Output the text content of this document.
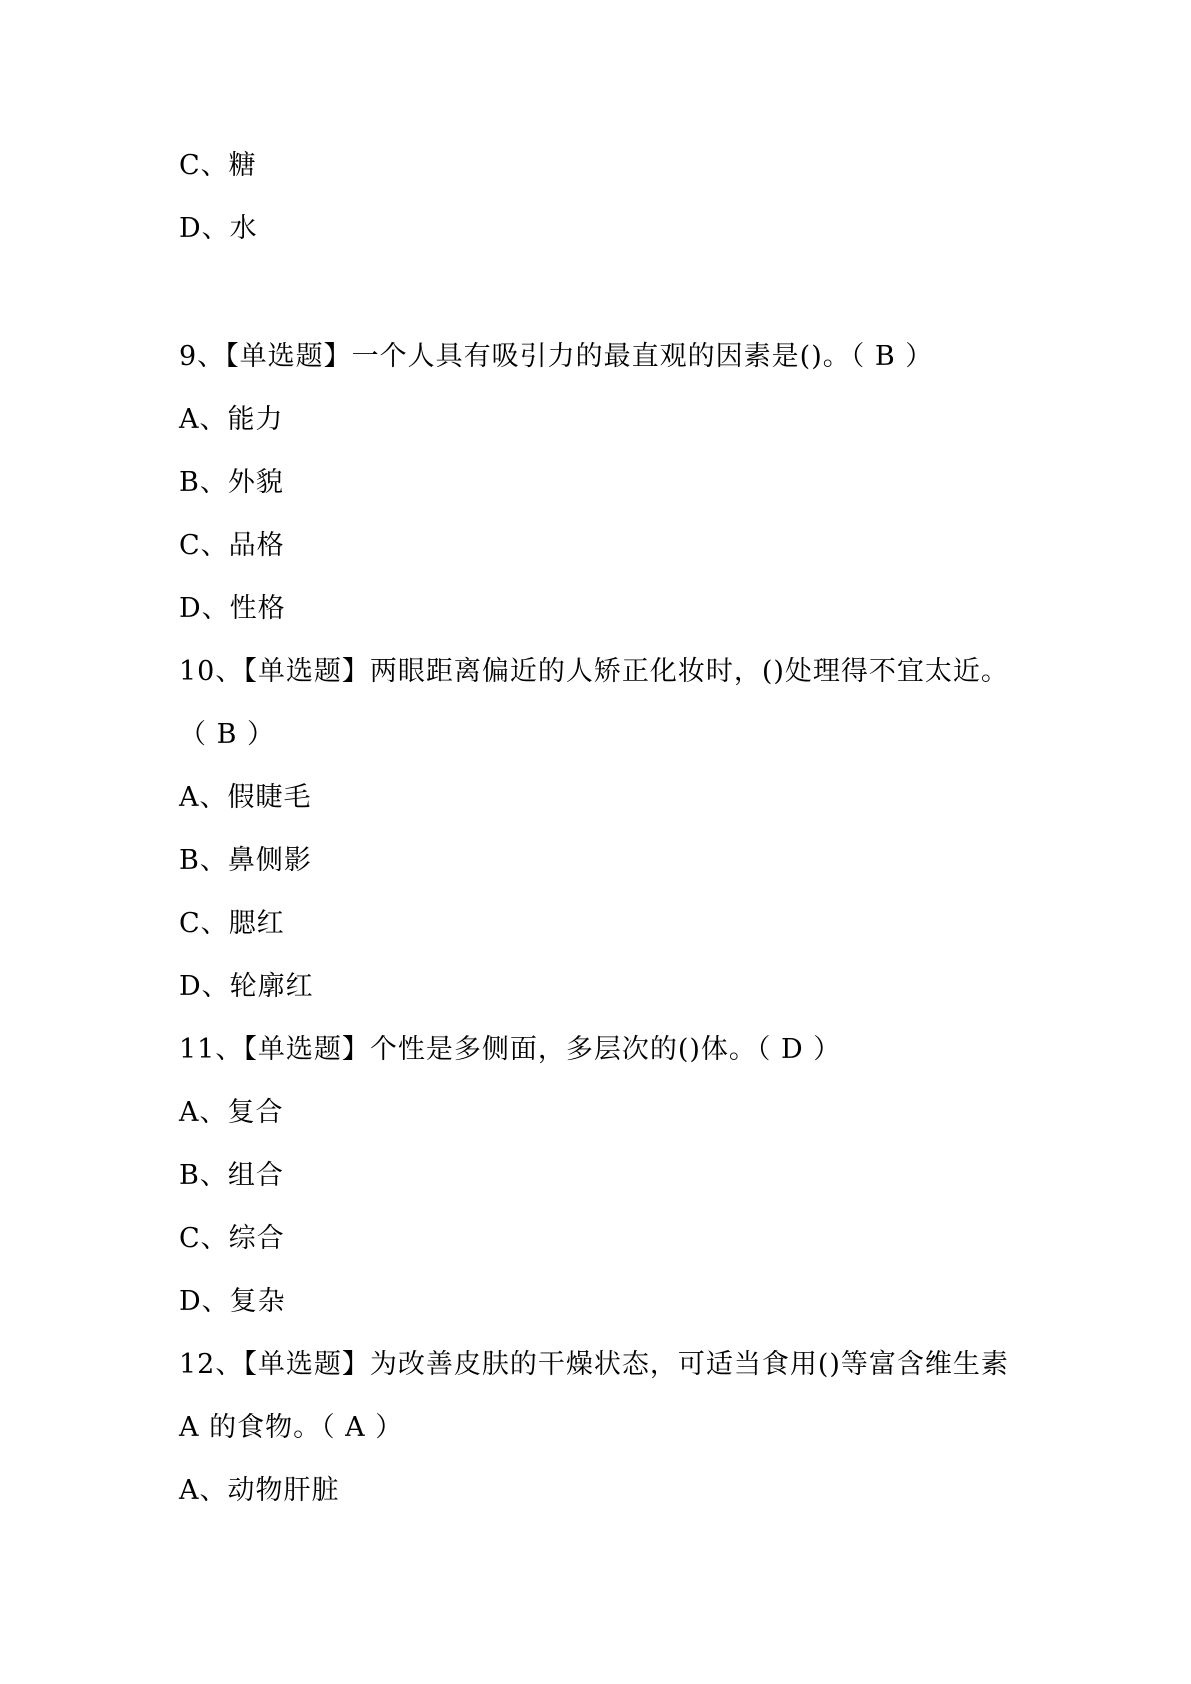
C、糖
D、水
9、【单选题】一个人具有吸引力的最直观的因素是()。（ B ）
A、能力
B、外貌
C、品格
D、性格
10、【单选题】两眼距离偏近的人矫正化妆时，()处理得不宜太近。
（ B ）
A、假睫毛
B、鼻侧影
C、腮红
D、轮廓红
11、【单选题】个性是多侧面，多层次的()体。（ D ）
A、复合
B、组合
C、综合
D、复杂
12、【单选题】为改善皮肤的干燥状态，可适当食用()等富含维生素
A 的食物。（ A ）
A、动物肝脏
